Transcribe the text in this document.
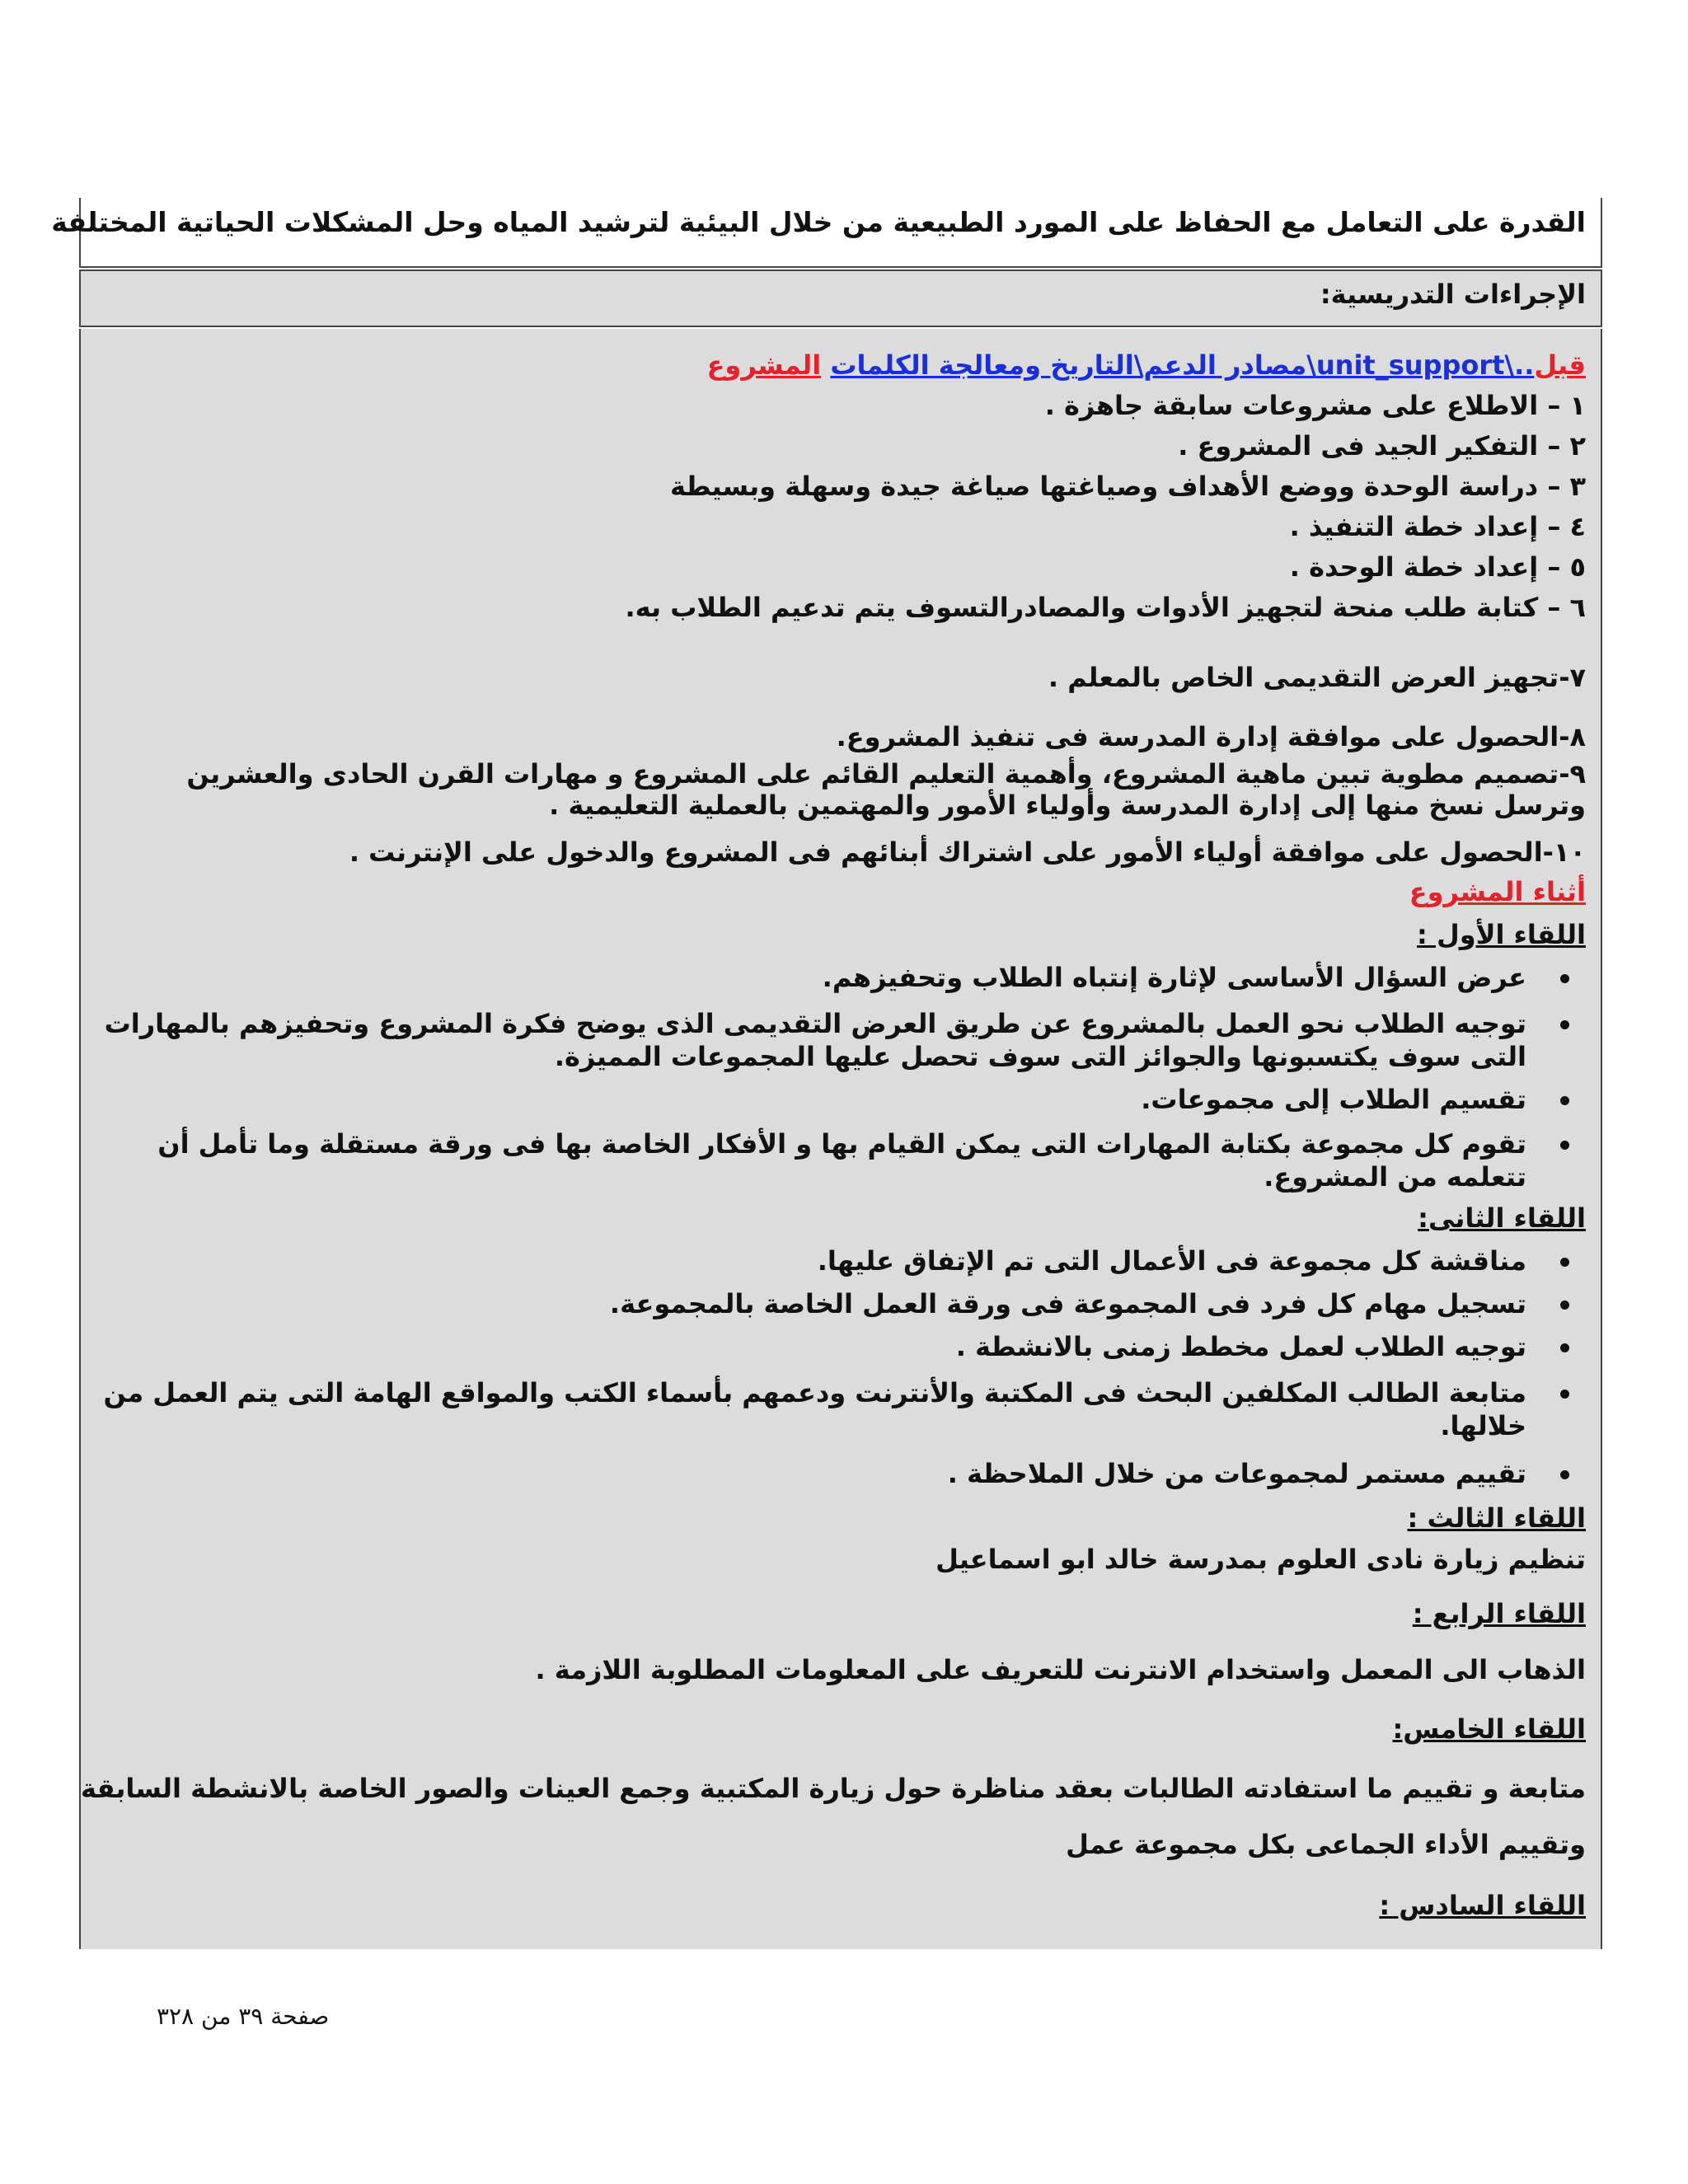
القدرة على التعامل مع الحفاظ على المورد الطبيعية من خلال البيئية لترشيد المياه وحل المشكلات الحياتية المختلفة
الإجراءات التدريسية:
قبل..\unit_support\مصادر الدعم\التاريخ ومعالجة الكلمات المشروع
١ – الاطلاع على مشروعات سابقة جاهزة .
٢ – التفكير الجيد فى المشروع .
٣ – دراسة الوحدة ووضع الأهداف وصياغتها صياغة جيدة وسهلة وبسيطة
٤ – إعداد خطة التنفيذ .
٥ – إعداد خطة الوحدة .
٦ – كتابة طلب منحة لتجهيز الأدوات والمصادرالتسوف يتم تدعيم الطلاب به.
٧-تجهيز العرض التقديمى الخاص بالمعلم .
٨-الحصول على موافقة إدارة المدرسة فى تنفيذ المشروع.
٩-تصميم مطوية تبين ماهية المشروع، وأهمية التعليم القائم على المشروع و مهارات القرن الحادى والعشرين وترسل نسخ منها إلى إدارة المدرسة وأولياء الأمور والمهتمين بالعملية التعليمية .
١٠-الحصول على موافقة أولياء الأمور على اشتراك أبنائهم فى المشروع والدخول على الإنترنت .
أثناء المشروع
اللقاء الأول :
عرض السؤال الأساسى لإثارة إنتباه الطلاب وتحفيزهم.
توجيه الطلاب نحو العمل بالمشروع عن طريق العرض التقديمى الذى يوضح فكرة المشروع وتحفيزهم بالمهارات التى سوف يكتسبونها والجوائز التى سوف تحصل عليها المجموعات المميزة.
تقسيم الطلاب إلى مجموعات.
تقوم كل مجموعة بكتابة المهارات التى يمكن القيام بها و الأفكار الخاصة بها فى ورقة مستقلة وما تأمل أن تتعلمه من المشروع.
اللقاء الثانى:
مناقشة كل مجموعة فى الأعمال التى تم الإتفاق عليها.
تسجيل مهام كل فرد فى المجموعة فى ورقة العمل الخاصة بالمجموعة.
توجيه الطلاب لعمل مخطط زمنى بالانشطة .
متابعة الطالب المكلفين البحث فى المكتبة والأنترنت ودعمهم بأسماء الكتب والمواقع الهامة التى يتم العمل من خلالها.
تقييم مستمر لمجموعات من خلال الملاحظة .
اللقاء الثالث :
تنظيم زيارة نادى العلوم بمدرسة خالد ابو اسماعيل
اللقاء الرابع :
الذهاب الى المعمل واستخدام الانترنت للتعريف على المعلومات المطلوبة اللازمة .
اللقاء الخامس:
متابعة و تقييم ما استفادته الطالبات بعقد مناظرة حول زيارة المكتبية وجمع العينات والصور الخاصة بالانشطة السابقة
وتقييم الأداء الجماعى بكل مجموعة عمل
اللقاء السادس :
صفحة ٣٩ من ٣٢٨
